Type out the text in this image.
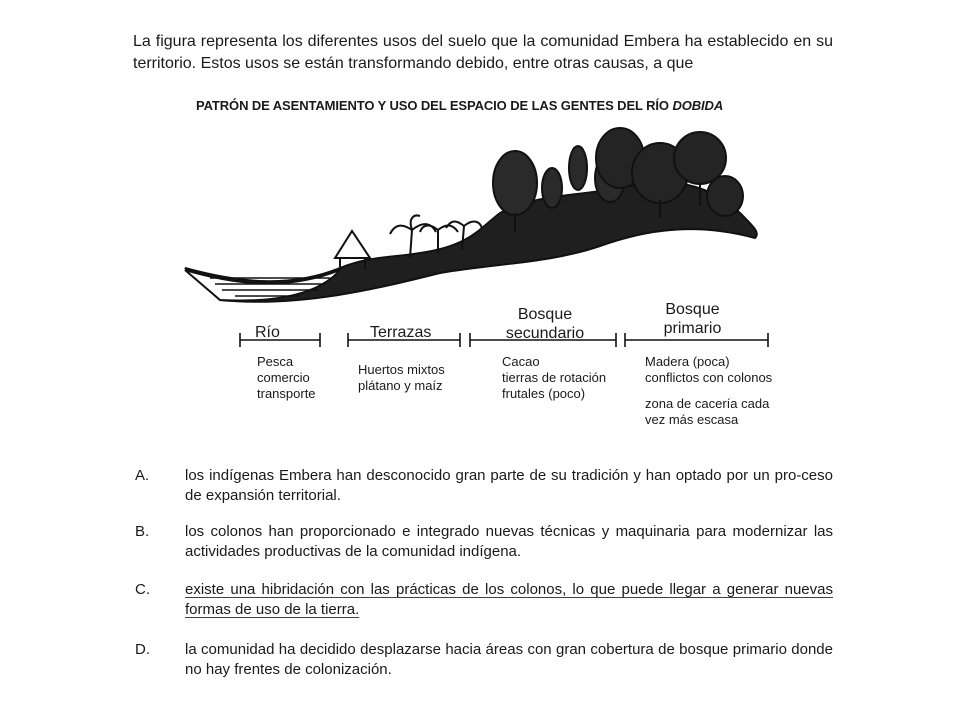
La figura representa los diferentes usos del suelo que la comunidad Embera ha establecido en su territorio. Estos usos se están transformando debido, entre otras causas, a que
PATRÓN DE ASENTAMIENTO Y USO DEL ESPACIO DE LAS GENTES DEL RÍO DOBIDA
Río	Terrazas
Bosque
secundario
Bosque
primario
Pesca
comercio
transporte
Huertos mixtos
plátano y maíz
Cacao
tierras de rotación
frutales (poco)
Madera (poca)
conflictos con colonos
zona de cacería cada
vez más escasa
A.	los indígenas Embera han desconocido gran parte de su tradición y han optado por un pro-ceso de expansión territorial.
B.	los colonos han proporcionado e integrado nuevas técnicas y maquinaria para modernizar las actividades productivas de la comunidad indígena.
C.	existe una hibridación con las prácticas de los colonos, lo que puede llegar a generar nuevas formas de uso de la tierra.
D.	la comunidad ha decidido desplazarse hacia áreas con gran cobertura de bosque primario donde no hay frentes de colonización.
